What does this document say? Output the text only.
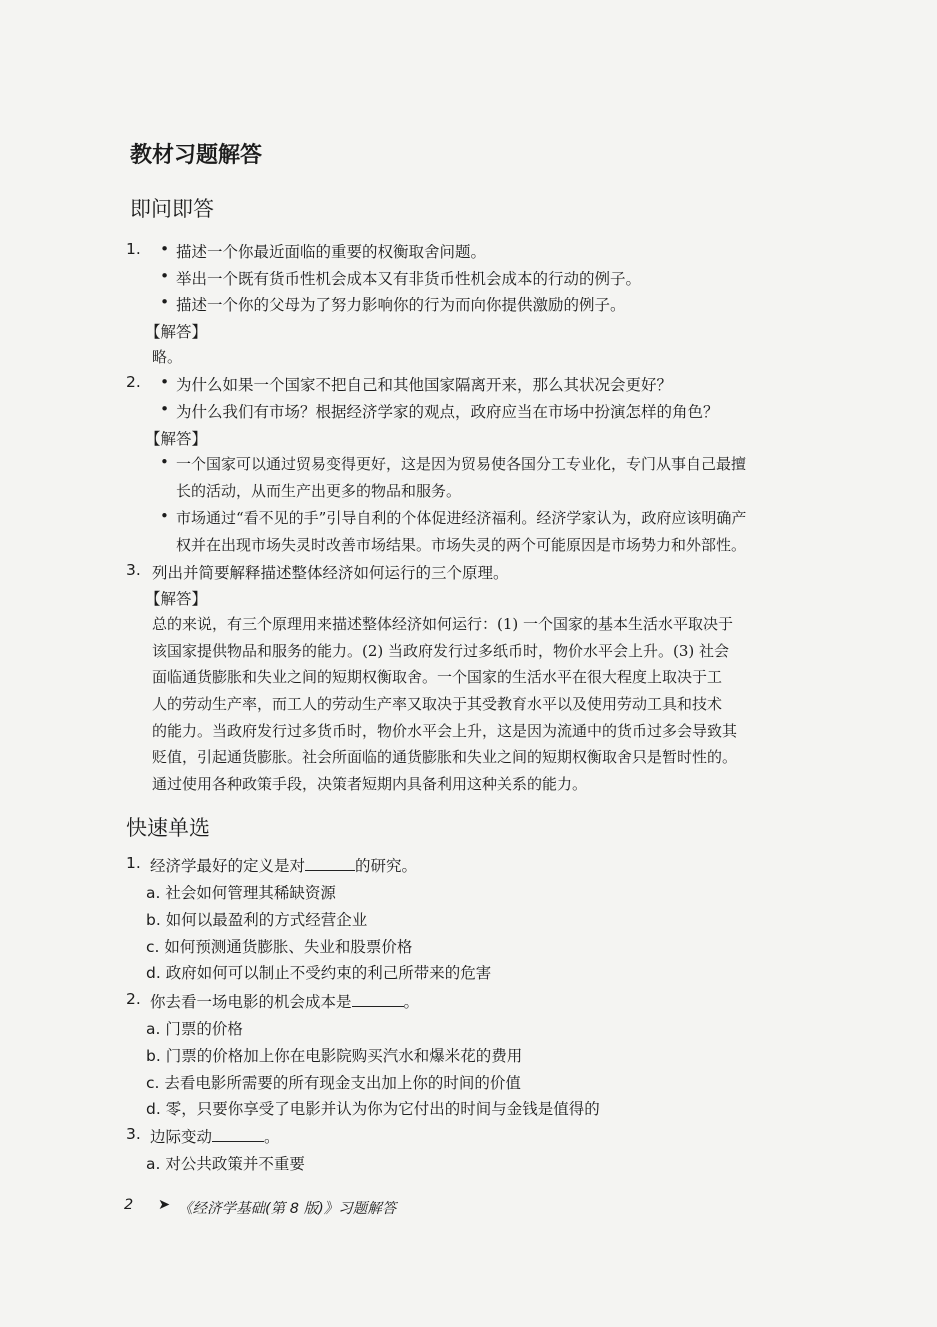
教材习题解答
即问即答
1. • 描述一个你最近面临的重要的权衡取舍问题。
• 举出一个既有货币性机会成本又有非货币性机会成本的行动的例子。
• 描述一个你的父母为了努力影响你的行为而向你提供激励的例子。
【解答】
略。
2. • 为什么如果一个国家不把自己和其他国家隔离开来，那么其状况会更好？
• 为什么我们有市场？根据经济学家的观点，政府应当在市场中扮演怎样的角色？
【解答】
• 一个国家可以通过贸易变得更好，这是因为贸易使各国分工专业化，专门从事自己最擅
长的活动，从而生产出更多的物品和服务。
• 市场通过“看不见的手”引导自利的个体促进经济福利。经济学家认为，政府应该明确产
权并在出现市场失灵时改善市场结果。市场失灵的两个可能原因是市场势力和外部性。
3. 列出并简要解释描述整体经济如何运行的三个原理。
【解答】
总的来说，有三个原理用来描述整体经济如何运行：(1) 一个国家的基本生活水平取决于
该国家提供物品和服务的能力。(2) 当政府发行过多纸币时，物价水平会上升。(3) 社会
面临通货膨胀和失业之间的短期权衡取舍。一个国家的生活水平在很大程度上取决于工
人的劳动生产率，而工人的劳动生产率又取决于其受教育水平以及使用劳动工具和技术
的能力。当政府发行过多货币时，物价水平会上升，这是因为流通中的货币过多会导致其
贬值，引起通货膨胀。社会所面临的通货膨胀和失业之间的短期权衡取舍只是暂时性的。
通过使用各种政策手段，决策者短期内具备利用这种关系的能力。
快速单选
1. 经济学最好的定义是对	的研究。
a. 社会如何管理其稀缺资源
b. 如何以最盈利的方式经营企业
c. 如何预测通货膨胀、失业和股票价格
d. 政府如何可以制止不受约束的利己所带来的危害
2. 你去看一场电影的机会成本是	。
a. 门票的价格
b. 门票的价格加上你在电影院购买汽水和爆米花的费用
c. 去看电影所需要的所有现金支出加上你的时间的价值
d. 零，只要你享受了电影并认为你为它付出的时间与金钱是值得的
3. 边际变动	。
a. 对公共政策并不重要
2 ➤ 《经济学基础(第 8 版)》习题解答
